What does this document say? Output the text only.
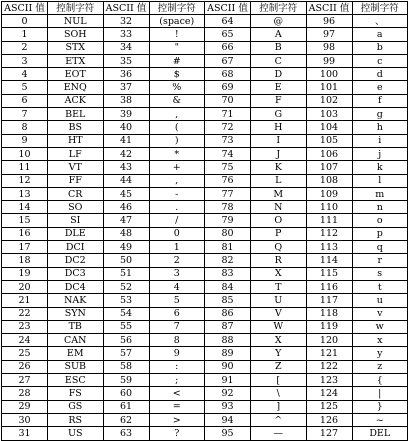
ASCII 值	控制字符	ASCII 值	控制字符	ASCII 值	控制字符	ASCII 值	控制字符
0	NUL	32	(space)	64	@	96	、
1	SOH	33	!	65	A	97	a
2	STX	34	"	66	B	98	b
3	ETX	35	#	67	C	99	c
4	EOT	36	$	68	D	100	d
5	ENQ	37	%	69	E	101	e
6	ACK	38	&	70	F	102	f
7	BEL	39	,	71	G	103	g
8	BS	40	(	72	H	104	h
9	HT	41	)	73	I	105	i
10	LF	42	*	74	J	106	j
11	VT	43	+	75	K	107	k
12	FF	44	,	76	L	108	l
13	CR	45	-	77	M	109	m
14	SO	46	.	78	N	110	n
15	SI	47	/	79	O	111	o
16	DLE	48	0	80	P	112	p
17	DCI	49	1	81	Q	113	q
18	DC2	50	2	82	R	114	r
19	DC3	51	3	83	X	115	s
20	DC4	52	4	84	T	116	t
21	NAK	53	5	85	U	117	u
22	SYN	54	6	86	V	118	v
23	TB	55	7	87	W	119	w
24	CAN	56	8	88	X	120	x
25	EM	57	9	89	Y	121	y
26	SUB	58	:	90	Z	122	z
27	ESC	59	;	91	[	123	{
28	FS	60	<	92	\	124	|
29	GS	61	=	93	]	125	}
30	RS	62	>	94	^	126	~
31	US	63	?	95	—	127	DEL
